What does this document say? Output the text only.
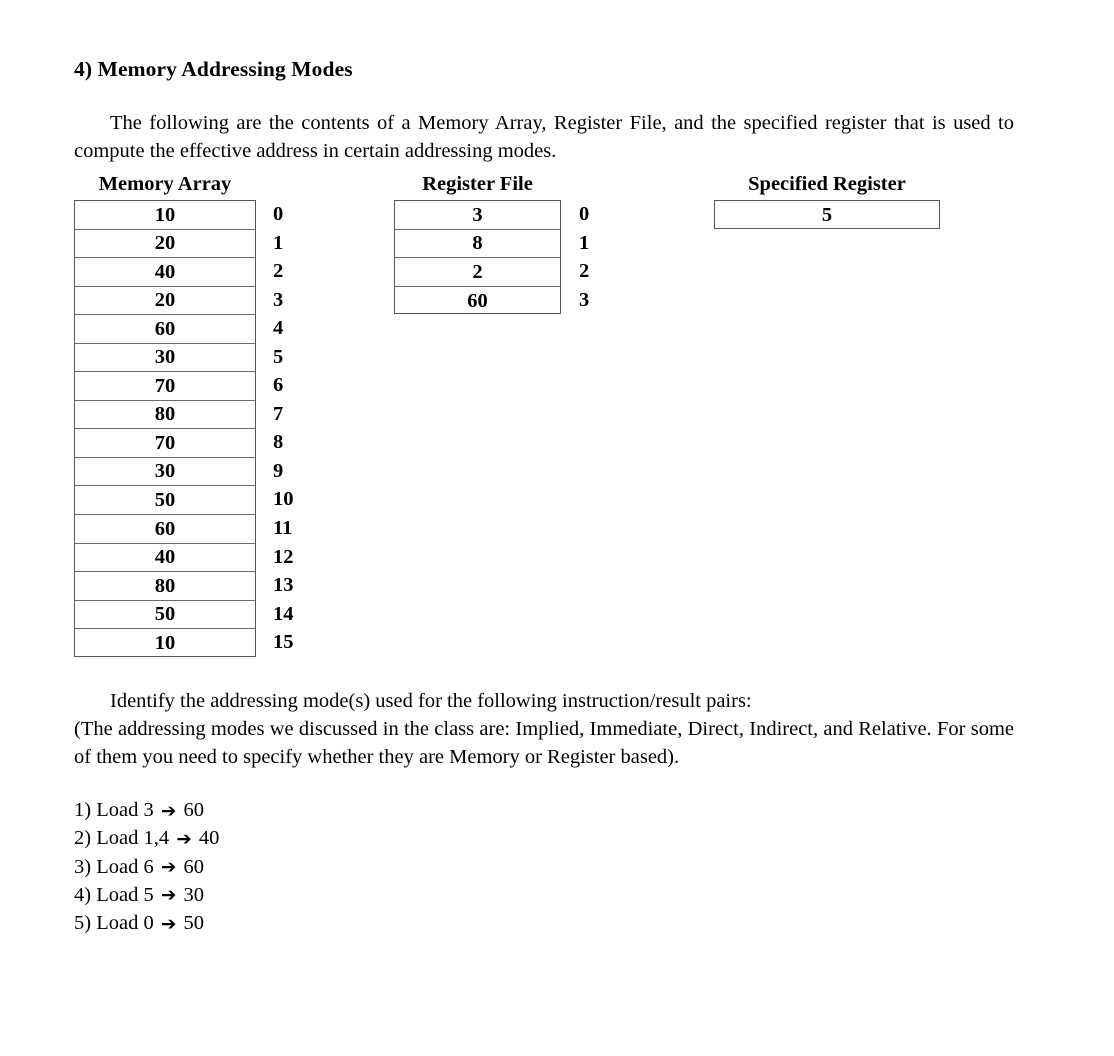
4) Memory Addressing Modes

The following are the contents of a Memory Array, Register File, and the specified register that is used to compute the effective address in certain addressing modes.

Memory Array
10
20
40
20
60
30
70
80
70
30
50
60
40
80
50
10
0
1
2
3
4
5
6
7
8
9
10
11
12
13
14
15
Register File
3
8
2
60
0
1
2
3
Specified Register
5
Identify the addressing mode(s) used for the following instruction/result pairs:
(The addressing modes we discussed in the class are: Implied, Immediate, Direct, Indirect, and Relative. For some of them you need to specify whether they are Memory or Register based).
1) Load 3 ➔ 60
2) Load 1,4 ➔ 40
3) Load 6 ➔ 60
4) Load 5 ➔ 30
5) Load 0 ➔ 50
